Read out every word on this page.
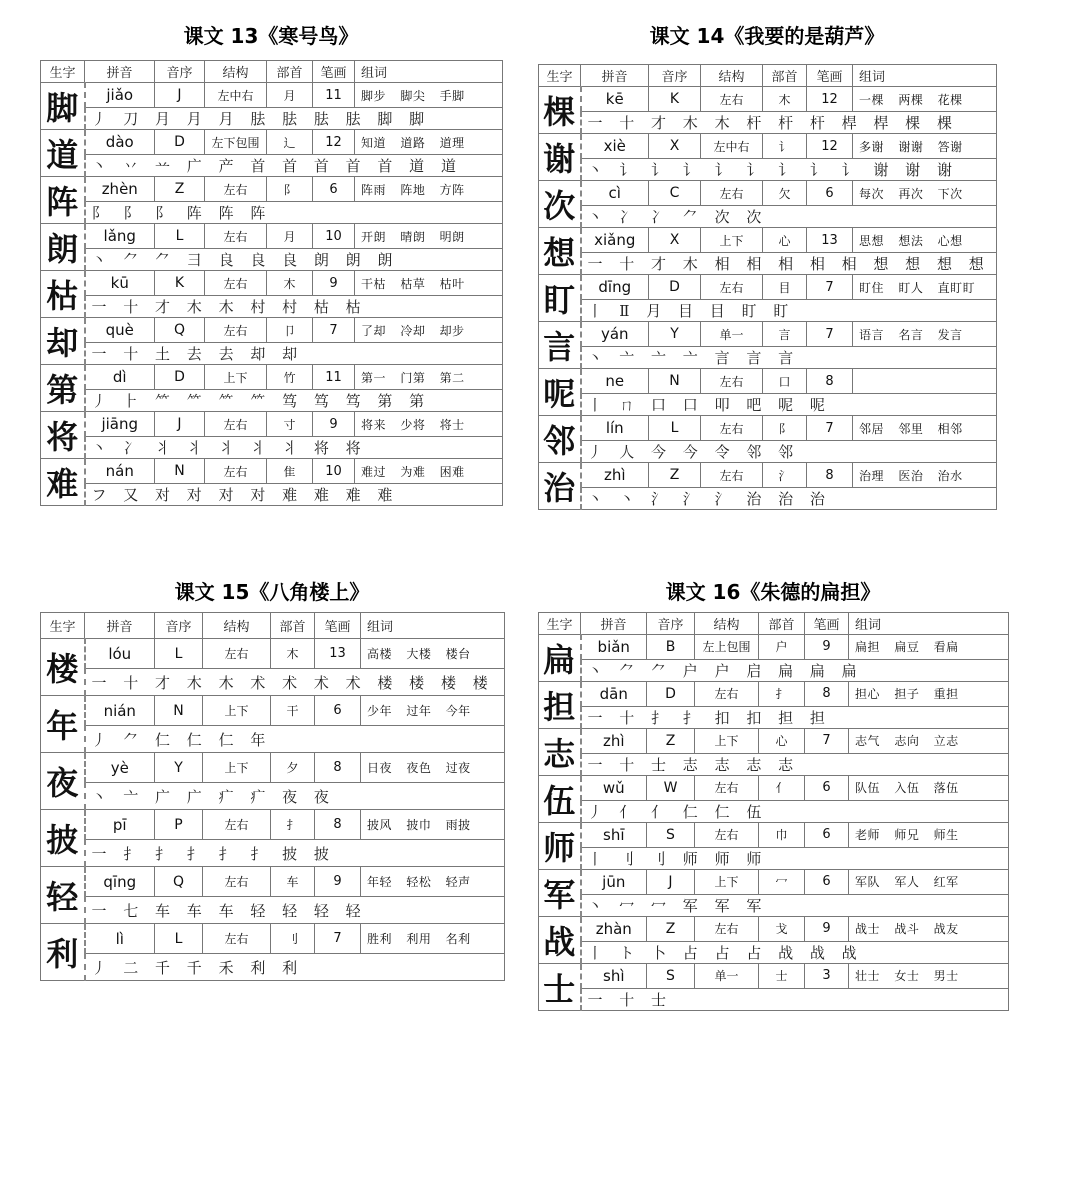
课文 13《寒号鸟》
生字	拼音	音序	结构	部首	笔画	组词
脚	jiǎo	J	左中右	月	11	脚步 脚尖 手脚
	丿 刀 月 月 月 胠 胠 胠 胠 脚 脚					
道	dào	D	左下包围	辶	12	知道 道路 道理
	丶 丷 䒑 广 产 首 首 首 首 首 道 道					
阵	zhèn	Z	左右	阝	6	阵雨 阵地 方阵
	阝 阝 阝 阵 阵 阵					
朗	lǎng	L	左右	月	10	开朗 晴朗 明朗
	丶 ⺈ ⺈ 彐 良 良 良 朗 朗 朗					
枯	kū	K	左右	木	9	干枯 枯草 枯叶
	一 十 才 木 木 村 村 枯 枯					
却	què	Q	左右	卩	7	了却 冷却 却步
	一 十 土 去 去 却 却					
第	dì	D	上下	竹	11	第一 门第 第二
	丿 ⺊ ⺮ ⺮ ⺮ ⺮ 笃 笃 笃 第 第					
将	jiāng	J	左右	寸	9	将来 少将 将士
	丶 冫 丬 丬 丬 丬 丬 将 将					
难	nán	N	左右	隹	10	难过 为难 困难
	フ 又 对 对 对 对 难 难 难 难					
课文 14《我要的是葫芦》
生字	拼音	音序	结构	部首	笔画	组词
棵	kē	K	左右	木	12	一棵 两棵 花棵
	一 十 才 木 木 杆 杆 杆 桿 桿 棵 棵					
谢	xiè	X	左中右	讠	12	多谢 谢谢 答谢
	丶 讠 讠 讠 讠 讠 讠 讠 讠 谢 谢 谢					
次	cì	C	左右	欠	6	每次 再次 下次
	丶 冫 冫 ⺈ 次 次					
想	xiǎng	X	上下	心	13	思想 想法 心想
	一 十 才 木 相 相 相 相 相 想 想 想 想					
盯	dīng	D	左右	目	7	盯住 盯人 直盯盯
	丨 Ⅱ 月 目 目 盯 盯					
言	yán	Y	单一	言	7	语言 名言 发言
	丶 亠 亠 亠 言 言 言					
呢	ne	N	左右	口	8	
	丨 ㄇ 口 口 叩 吧 呢 呢					
邻	lín	L	左右	阝	7	邻居 邻里 相邻
	丿 人 今 今 令 邻 邻					
治	zhì	Z	左右	氵	8	治理 医治 治水
	丶 丶 氵 氵 氵 治 治 治					
课文 15《八角楼上》
生字	拼音	音序	结构	部首	笔画	组词
楼	lóu	L	左右	木	13	高楼 大楼 楼台
	一 十 才 木 木 术 术 术 术 楼 楼 楼 楼					
年	nián	N	上下	干	6	少年 过年 今年
	丿 ⺈ 仁 仁 仁 年					
夜	yè	Y	上下	夕	8	日夜 夜色 过夜
	丶 亠 广 广 疒 疒 夜 夜					
披	pī	P	左右	扌	8	披风 披巾 雨披
	一 扌 扌 扌 扌 扌 披 披					
轻	qīng	Q	左右	车	9	年轻 轻松 轻声
	一 七 车 车 车 轻 轻 轻 轻					
利	lì	L	左右	刂	7	胜利 利用 名利
	丿 二 千 千 禾 利 利					
课文 16《朱德的扁担》
生字	拼音	音序	结构	部首	笔画	组词
扁	biǎn	B	左上包围	户	9	扁担 扁豆 看扁
	丶 ⺈ ⺈ 户 户 启 扁 扁 扁					
担	dān	D	左右	扌	8	担心 担子 重担
	一 十 扌 扌 扣 扣 担 担					
志	zhì	Z	上下	心	7	志气 志向 立志
	一 十 士 志 志 志 志					
伍	wǔ	W	左右	亻	6	队伍 入伍 落伍
	丿 亻 亻 仁 仁 伍					
师	shī	S	左右	巾	6	老师 师兄 师生
	丨 刂 刂 师 师 师					
军	jūn	J	上下	冖	6	军队 军人 红军
	丶 冖 冖 军 军 军					
战	zhàn	Z	左右	戈	9	战士 战斗 战友
	丨 ト 卜 占 占 占 战 战 战					
士	shì	S	单一	士	3	壮士 女士 男士
	一 十 士					
